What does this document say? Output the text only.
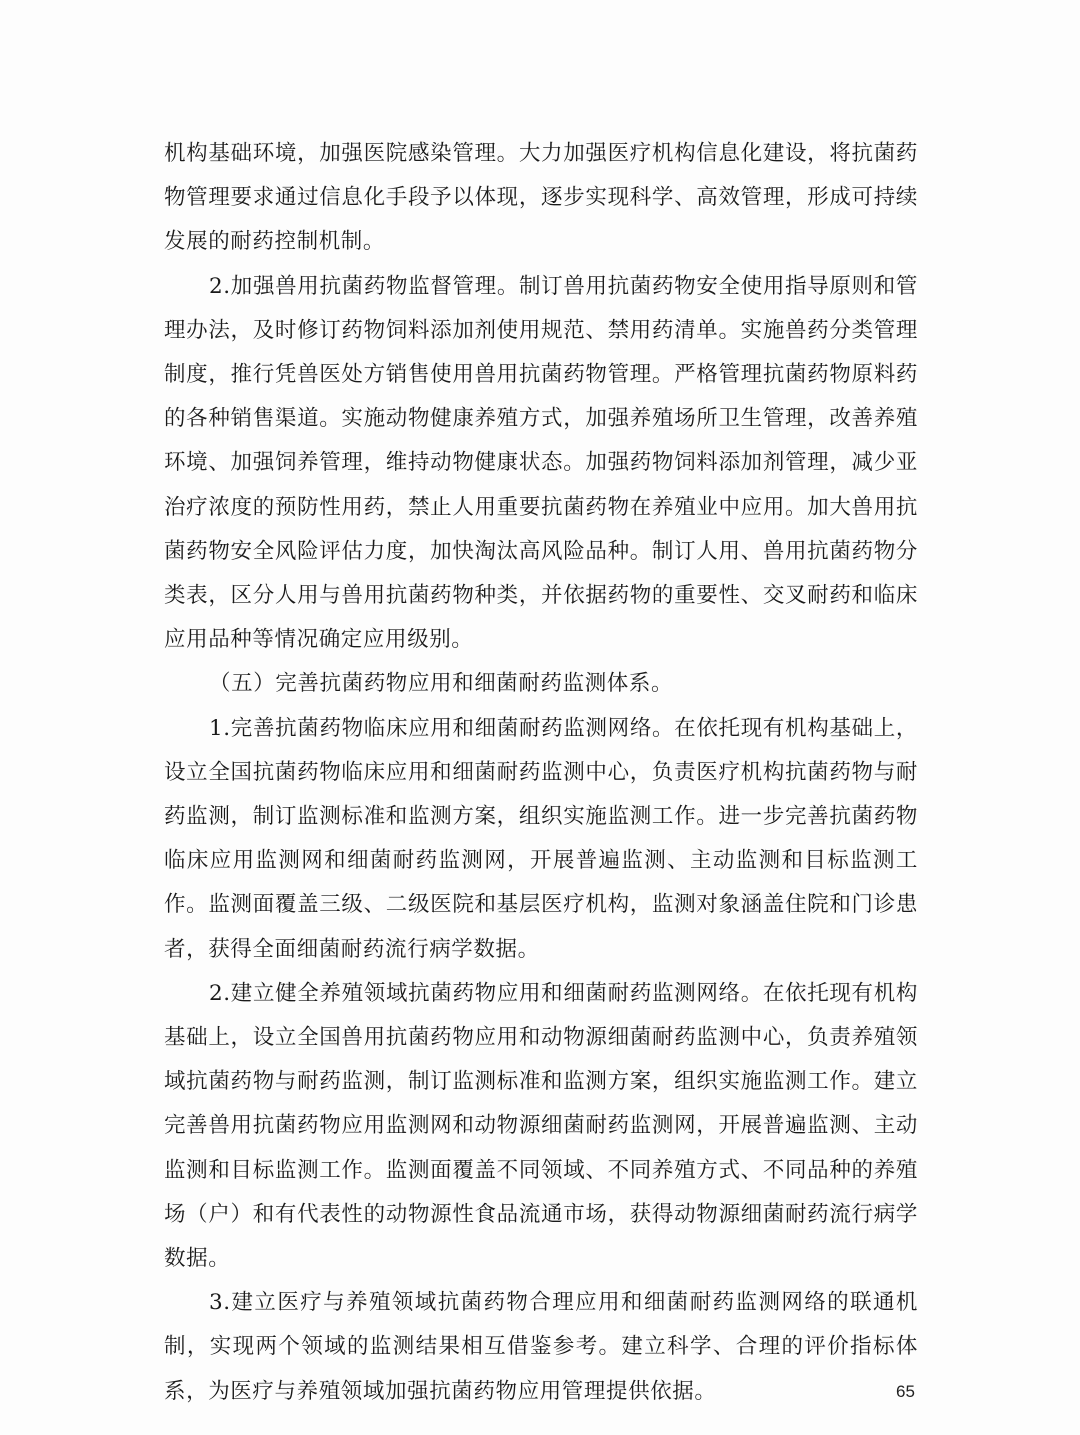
机构基础环境，加强医院感染管理。大力加强医疗机构信息化建设，将抗菌药物管理要求通过信息化手段予以体现，逐步实现科学、高效管理，形成可持续发展的耐药控制机制。

2.加强兽用抗菌药物监督管理。制订兽用抗菌药物安全使用指导原则和管理办法，及时修订药物饲料添加剂使用规范、禁用药清单。实施兽药分类管理制度，推行凭兽医处方销售使用兽用抗菌药物管理。严格管理抗菌药物原料药的各种销售渠道。实施动物健康养殖方式，加强养殖场所卫生管理，改善养殖环境、加强饲养管理，维持动物健康状态。加强药物饲料添加剂管理，减少亚治疗浓度的预防性用药，禁止人用重要抗菌药物在养殖业中应用。加大兽用抗菌药物安全风险评估力度，加快淘汰高风险品种。制订人用、兽用抗菌药物分类表，区分人用与兽用抗菌药物种类，并依据药物的重要性、交叉耐药和临床应用品种等情况确定应用级别。

（五）完善抗菌药物应用和细菌耐药监测体系。

1.完善抗菌药物临床应用和细菌耐药监测网络。在依托现有机构基础上，设立全国抗菌药物临床应用和细菌耐药监测中心，负责医疗机构抗菌药物与耐药监测，制订监测标准和监测方案，组织实施监测工作。进一步完善抗菌药物临床应用监测网和细菌耐药监测网，开展普遍监测、主动监测和目标监测工作。监测面覆盖三级、二级医院和基层医疗机构，监测对象涵盖住院和门诊患者，获得全面细菌耐药流行病学数据。

2.建立健全养殖领域抗菌药物应用和细菌耐药监测网络。在依托现有机构基础上，设立全国兽用抗菌药物应用和动物源细菌耐药监测中心，负责养殖领域抗菌药物与耐药监测，制订监测标准和监测方案，组织实施监测工作。建立完善兽用抗菌药物应用监测网和动物源细菌耐药监测网，开展普遍监测、主动监测和目标监测工作。监测面覆盖不同领域、不同养殖方式、不同品种的养殖场（户）和有代表性的动物源性食品流通市场，获得动物源细菌耐药流行病学数据。

3.建立医疗与养殖领域抗菌药物合理应用和细菌耐药监测网络的联通机制，实现两个领域的监测结果相互借鉴参考。建立科学、合理的评价指标体系，为医疗与养殖领域加强抗菌药物应用管理提供依据。	65
